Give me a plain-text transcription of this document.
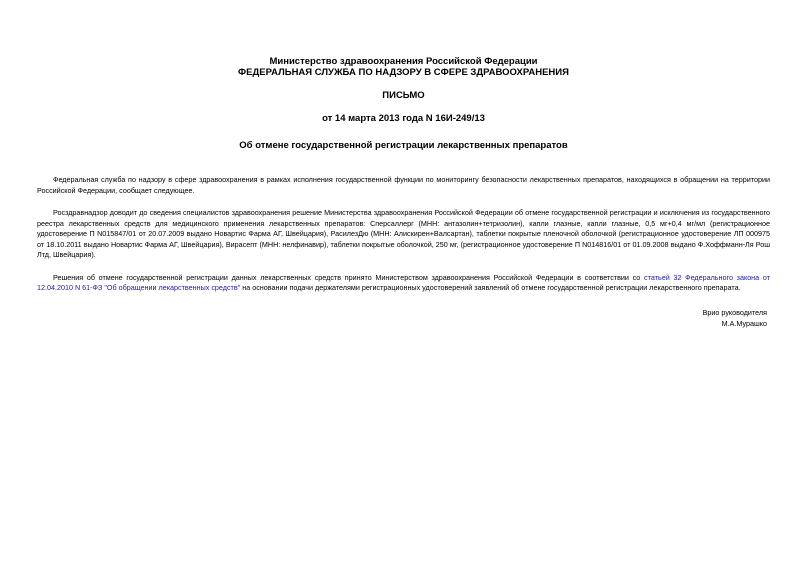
Министерство здравоохранения Российской Федерации
ФЕДЕРАЛЬНАЯ СЛУЖБА ПО НАДЗОРУ В СФЕРЕ ЗДРАВООХРАНЕНИЯ
ПИСЬМО
от 14 марта 2013 года N 16И-249/13
Об отмене государственной регистрации лекарственных препаратов

Федеральная служба по надзору в сфере здравоохранения в рамках исполнения государственной функции по мониторингу безопасности лекарственных препаратов, находящихся в обращении на территории Российской Федерации, сообщает следующее.

Росздравнадзор доводит до сведения специалистов здравоохранения решение Министерства здравоохранения Российской Федерации об отмене государственной регистрации и исключения из государственного реестра лекарственных средств для медицинского применения лекарственных препаратов: Сперсаллерг (МНН: антазолин+тетризолин), капли глазные, капли глазные, 0,5 мг+0,4 мг/мл (регистрационное удостоверение П N015847/01 от 20.07.2009 выдано Новартис Фарма АГ, Швейцария), РасилезДю (МНН: Алискирен+Валсартан), таблетки покрытые пленочной оболочкой (регистрационное удостоверение ЛП 000975 от 18.10.2011 выдано Новартис Фарма АГ, Швейцария), Вирасепт (МНН: нелфинавир), таблетки покрытые оболочкой, 250 мг, (регистрационное удостоверение П N014816/01 от 01.09.2008 выдано Ф.Хоффманн-Ля Рош Лтд, Швейцария).

Решения об отмене государственной регистрации данных лекарственных средств принято Министерством здравоохранения Российской Федерации в соответствии со статьей 32 Федерального закона от 12.04.2010 N 61-ФЗ "Об обращении лекарственных средств" на основании подачи держателями регистрационных удостоверений заявлений об отмене государственной регистрации лекарственного препарата.

Врио руководителя
М.А.Мурашко
